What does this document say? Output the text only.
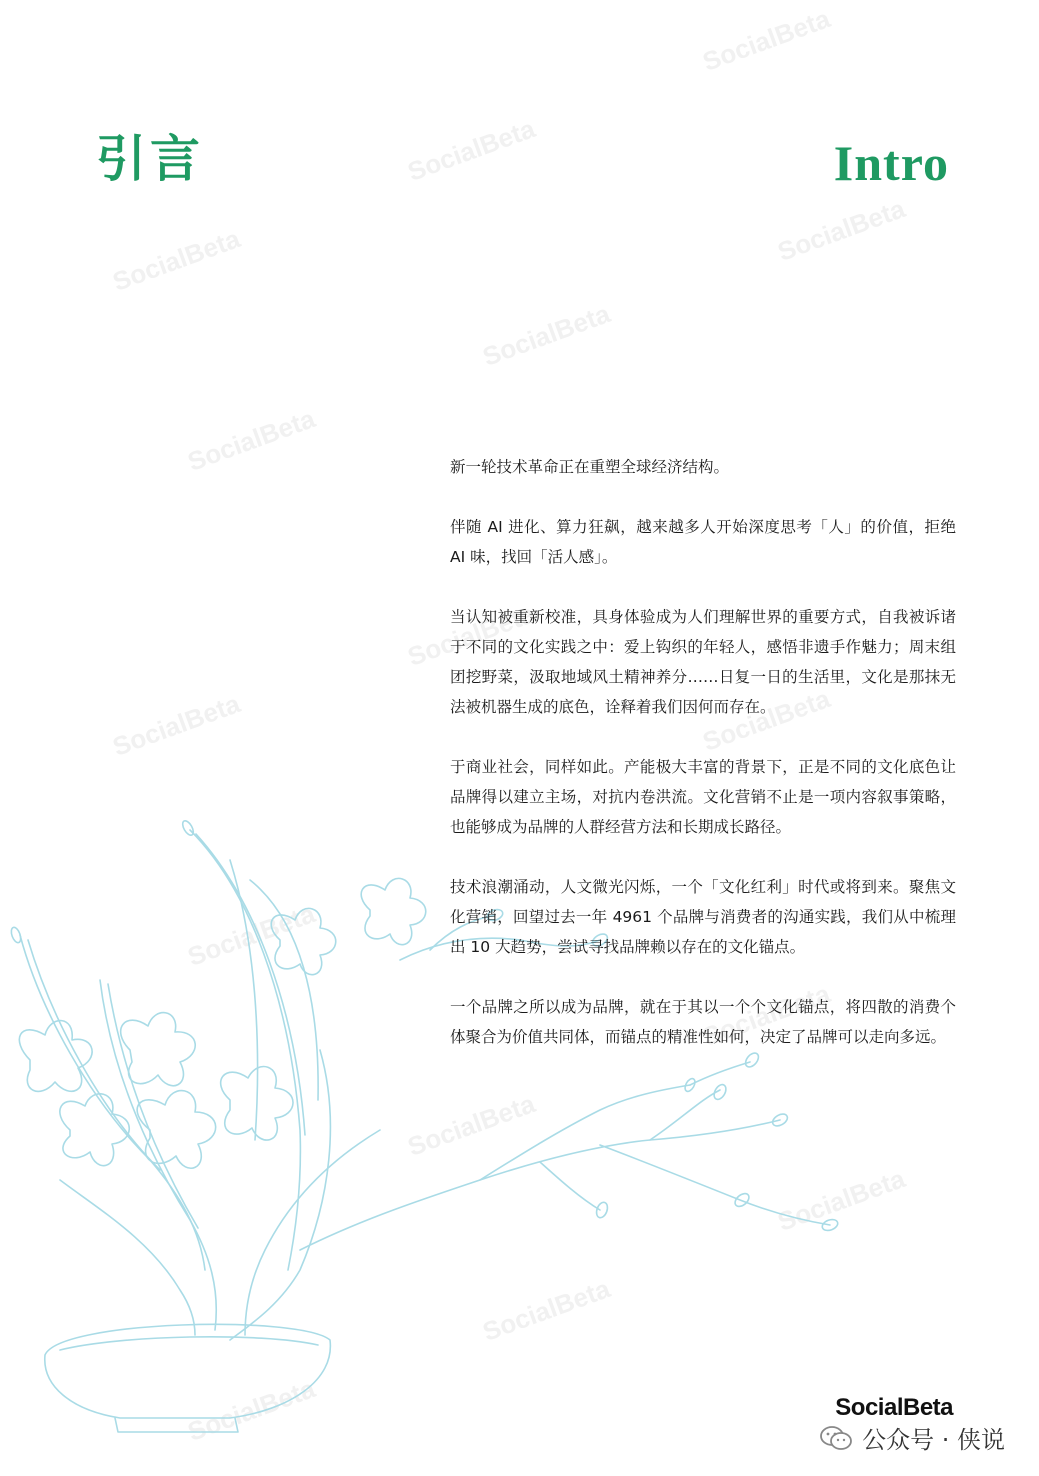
SocialBeta
SocialBeta
SocialBeta
SocialBeta
SocialBeta
SocialBeta
SocialBeta
SocialBeta	SocialBeta
SocialBeta
SocialBeta
SocialBeta
SocialBeta
SocialBeta
SocialBeta
引言	Intro

新一轮技术革命正在重塑全球经济结构。

伴随 AI 进化、算力狂飙，越来越多人开始深度思考「人」的价值，拒绝 AI 味，找回「活人感」。

当认知被重新校准，具身体验成为人们理解世界的重要方式，自我被诉诸于不同的文化实践之中：爱上钩织的年轻人，感悟非遗手作魅力；周末组团挖野菜，汲取地域风土精神养分……日复一日的生活里，文化是那抹无法被机器生成的底色，诠释着我们因何而存在。

于商业社会，同样如此。产能极大丰富的背景下，正是不同的文化底色让品牌得以建立主场，对抗内卷洪流。文化营销不止是一项内容叙事策略，也能够成为品牌的人群经营方法和长期成长路径。

技术浪潮涌动，人文微光闪烁，一个「文化红利」时代或将到来。聚焦文化营销，回望过去一年 4961 个品牌与消费者的沟通实践，我们从中梳理出 10 大趋势，尝试寻找品牌赖以存在的文化锚点。

一个品牌之所以成为品牌，就在于其以一个个文化锚点，将四散的消费个体聚合为价值共同体，而锚点的精准性如何，决定了品牌可以走向多远。

SocialBeta
公众号 · 侠说
